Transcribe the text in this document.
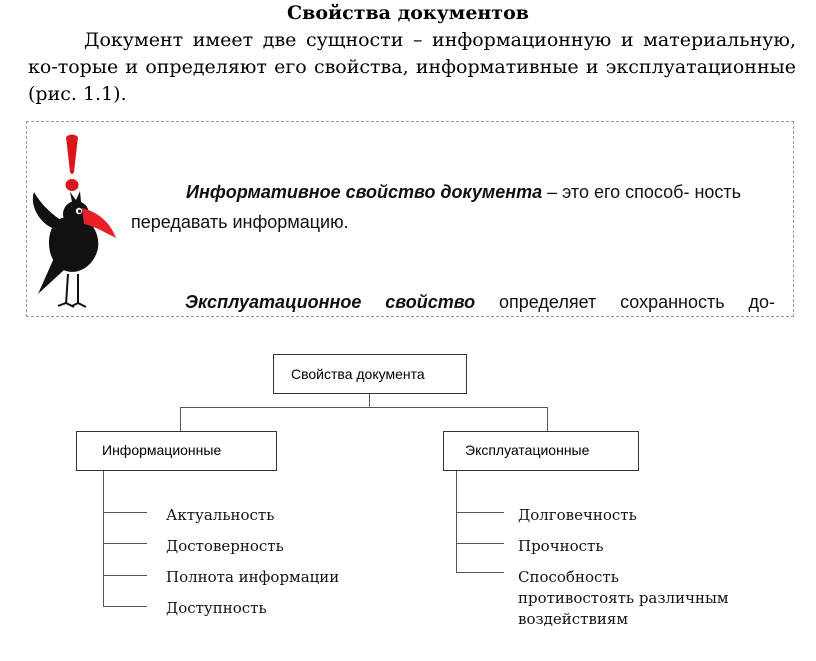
Свойства документов
Документ имеет две сущности – информационную и материальную, ко-торые и определяют его свойства, информативные и эксплуатационные (рис. 1.1).
Информативное свойство документа – это его способ- ность передавать информацию.
Эксплуатационное свойство определяет сохранность до-
Свойства документа
Информационные	Эксплуатационные
Актуальность
Достоверность
Полнота информации
Доступность
Долговечность
Прочность
Способность противостоять различным воздействиям
